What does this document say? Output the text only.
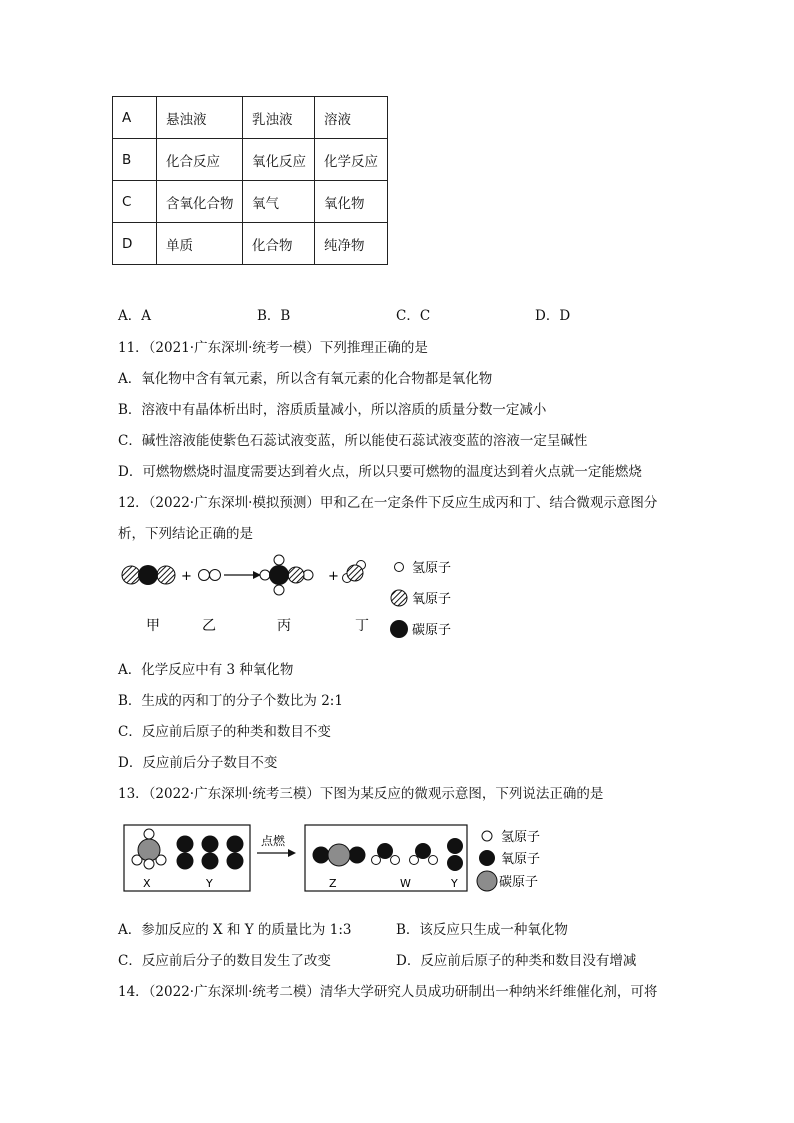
A	悬浊液	乳浊液	溶液
B	化合反应	氧化反应	化学反应
C	含氧化合物	氧气	氧化物
D	单质	化合物	纯净物
A．A	B．B	C．C	D．D
11．（2021·广东深圳·统考一模）下列推理正确的是
A．氧化物中含有氧元素，所以含有氧元素的化合物都是氧化物
B．溶液中有晶体析出时，溶质质量减小，所以溶质的质量分数一定减小
C．碱性溶液能使紫色石蕊试液变蓝，所以能使石蕊试液变蓝的溶液一定呈碱性
D．可燃物燃烧时温度需要达到着火点，所以只要可燃物的温度达到着火点就一定能燃烧
12．（2022·广东深圳·模拟预测）甲和乙在一定条件下反应生成丙和丁、结合微观示意图分
析，下列结论正确的是
+	+
氢原子
氧原子
碳原子
甲	乙	丙	丁
A．化学反应中有 3 种氧化物
B．生成的丙和丁的分子个数比为 2:1
C．反应前后原子的种类和数目不变
D．反应前后分子数目不变
13．（2022·广东深圳·统考三模）下图为某反应的微观示意图，下列说法正确的是
X	Y
点燃
Z	W	Y
氢原子
氧原子
碳原子
A．参加反应的 X 和 Y 的质量比为 1:3	B．该反应只生成一种氧化物
C．反应前后分子的数目发生了改变	D．反应前后原子的种类和数目没有增减
14．（2022·广东深圳·统考二模）清华大学研究人员成功研制出一种纳米纤维催化剂，可将
